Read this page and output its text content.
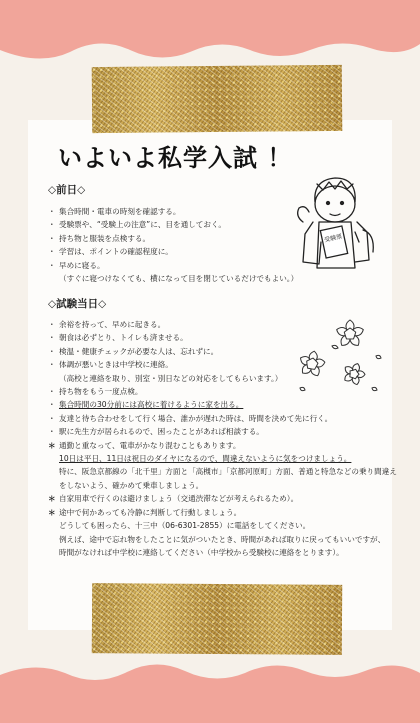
いよいよ私学入試 ！
◇前日◇
・ 集合時間・電車の時刻を確認する。
・ 受験票や、“受験上の注意”に、目を通しておく。
・ 持ち物と服装を点検する。
・ 学習は、ポイントの確認程度に。
・ 早めに寝る。
（すぐに寝つけなくても、横になって目を閉じているだけでもよい。）
受験票
◇試験当日◇
・ 余裕を持って、早めに起きる。
・ 朝食は必ずとり、トイレも済ませる。
・ 検温・健康チェックが必要な人は、忘れずに。
・ 体調が悪いときは中学校に連絡。
（高校と連絡を取り、別室・別日などの対応をしてもらいます。）
・ 持ち物をもう一度点検。
・ 集合時間の30分前には高校に着けるように家を出る。
・ 友達と待ち合わせをして行く場合、誰かが遅れた時は、時間を決めて先に行く。
・ 駅に先生方が居られるので、困ったことがあれば相談する。
＊ 通勤と重なって、電車がかなり混むこともあります。
10日は平日、11日は祝日のダイヤになるので、間違えないように気をつけましょう。
特に、阪急京都線の「北千里」方面と「高槻市」「京都河原町」方面、普通と特急などの乗り間違え
をしないよう、確かめて乗車しましょう。
＊ 自家用車で行くのは避けましょう（交通渋滞などが考えられるため）。
＊ 途中で何かあっても冷静に判断して行動しましょう。
どうしても困ったら、十三中（06-6301-2855）に電話をしてください。
例えば、途中で忘れ物をしたことに気がついたとき、時間があれば取りに戻ってもいいですが、
時間がなければ中学校に連絡してください（中学校から受験校に連絡をとります）。
